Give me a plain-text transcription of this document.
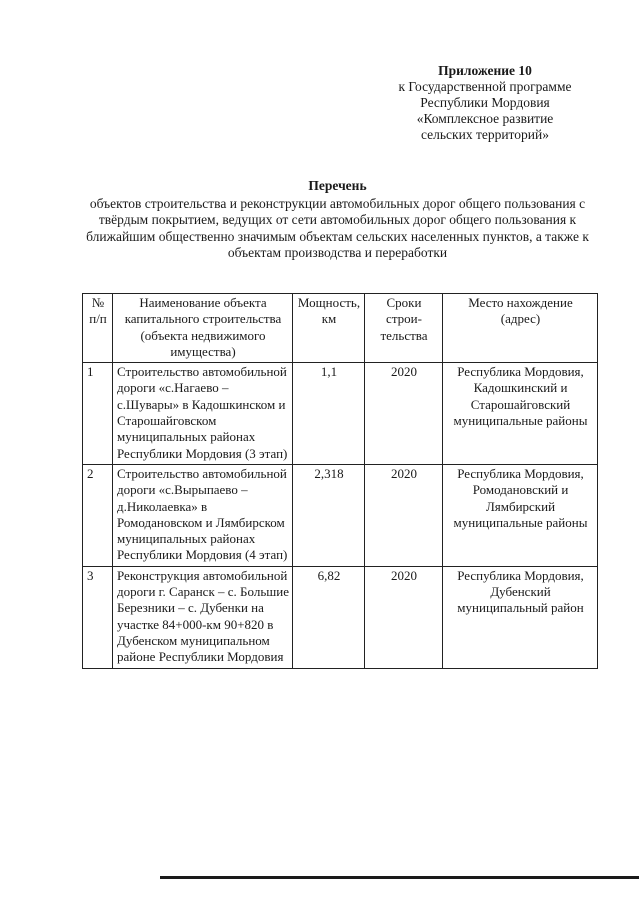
Приложение 10
к Государственной программе
Республики Мордовия
«Комплексное развитие
сельских территорий»
Перечень
объектов строительства и реконструкции автомобильных дорог общего пользования с твёрдым покрытием, ведущих от сети автомобильных дорог общего пользования к ближайшим общественно значимым объектам сельских населенных пунктов, а также к объектам производства и переработки
№ п/п	Наименование объекта капитального строительства (объекта недвижимого имущества)	Мощность, км	Сроки строи-тельства	Место нахождение (адрес)
1	Строительство автомобильной дороги «с.Нагаево – с.Шувары» в Кадошкинском и Старошайговском муниципальных районах Республики Мордовия (3 этап)	1,1	2020	Республика Мордовия, Кадошкинский и Старошайговский муниципальные районы
2	Строительство автомобильной дороги «с.Вырыпаево – д.Николаевка» в Ромодановском и Лямбирском муниципальных районах Республики Мордовия (4 этап)	2,318	2020	Республика Мордовия, Ромодановский и Лямбирский муниципальные районы
3	Реконструкция автомобильной дороги г. Саранск – с. Большие Березники – с. Дубенки на участке 84+000-км 90+820 в Дубенском муниципальном районе Республики Мордовия	6,82	2020	Республика Мордовия, Дубенский муниципальный район
